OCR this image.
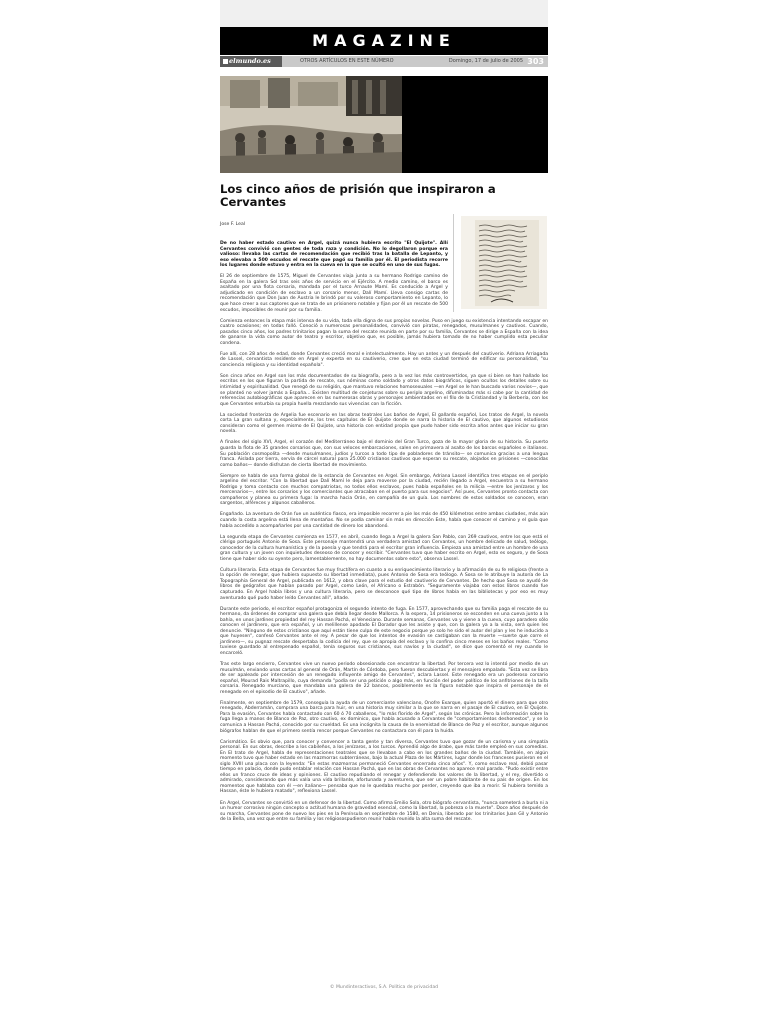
MAGAZINE
elmundo.es	OTROS ARTÍCULOS EN ESTE NÚMERO	Domingo, 17 de julio de 2005 303
Los cinco años de prisión que inspiraron a Cervantes
Jose F. Leal

De no haber estado cautivo en Argel, quizá nunca hubiera escrito "El Quijote". Allí Cervantes convivió con gentes de toda raza y condición. No lo degollaron porque era valioso: llevaba las cartas de recomendación que recibió tras la batalla de Lepanto, y eso elevaba a 500 escudos el rescate que pagó su familia por él. El periodista recorre los lugares donde estuvo y entra en la cueva en la que se ocultó en uno de sus fugas.

El 26 de septiembre de 1575, Miguel de Cervantes viaja junto a su hermano Rodrigo camino de España en la galera Sol tras seis años de servicio en el Ejército. A medio camino, el barco es asaltado por una flota corsaria, mandada por el turco Arnaute Mamí. Es conducido a Argel y adjudicado en condición de esclavo a un corsario menor, Dalí Mamí. Lleva consigo cartas de recomendación que Don Juan de Austria le brindó por su valeroso comportamiento en Lepanto, lo que hace creer a sus captores que se trata de un prisionero notable y fijan por él un rescate de 500 escudos, imposibles de reunir por su familia.

Comienza entonces la etapa más intensa de su vida, toda ella digna de sus propias novelas. Puso en juego su existencia intentando escapar en cuatro ocasiones; en todas falló. Conoció a numerosas personalidades, convivió con piratas, renegados, musulmanes y cautivos. Cuando, pasados cinco años, los padres trinitarios pagan la suma del rescate reunida en parte por su familia, Cervantes se dirige a España con la idea de ganarse la vida como autor de teatro y escritor, objetivo que, es posible, jamás hubiera tomado de no haber cumplido esta peculiar condena.

Fue allí, con 28 años de edad, donde Cervantes creció moral e intelectualmente. Hay un antes y un después del cautiverio. Adriana Arriagada de Lassel, cervantista residente en Argel y experta en su cautiverio, cree que en esta ciudad terminó de edificar su personalidad, "su conciencia religiosa y su identidad española".

Son cinco años en Argel son los más documentados de su biografía, pero a la vez los más controvertidos, ya que si bien se han hallado los escritos en los que figuran la partida de rescate, sus nóminas como soldado y otros datos biográficos, siguen ocultos los detalles sobre su intimidad y espiritualidad. Que renegó de su religión, que mantuvo relaciones homosexuales —en Argel se le han buscado varios novios—, que se planteó no volver jamás a España… Existen multitud de conjeturas sobre su periplo argelino, difuminadas más si cabe por la cantidad de referencias autobiográficas que aparecen en las numerosas obras y personajes ambientados en el filo de la Cristiandad y la Berbería, con los que Cervantes enturbia su propia huella mezclando sus vivencias con la ficción.

La sociedad fronteriza de Argelia fue escenario en las obras teatrales Los baños de Argel, El gallardo español, Los tratos de Argel, la novela corta La gran sultana y, especialmente, los tres capítulos de El Quijote donde se narra la historia de El cautivo, que algunos estudiosos consideran como el germen mismo de El Quijote, una historia con entidad propia que pudo haber sido escrita años antes que iniciar su gran novela.

A finales del siglo XVI, Argel, el corazón del Mediterráneo bajo el dominio del Gran Turco, goza de la mayor gloria de su historia. Su puerto guarda la flota de 35 grandes corsarios que, con sus veloces embarcaciones, salen en primavera al asalto de los barcos españoles e italianos. Su población cosmopolita —desde musulmanes, judíos y turcos a todo tipo de pobladores de tránsito— se comunica gracias a una lengua franca. Aislada por tierra, servía de cárcel natural para 25.000 cristianos cautivos que esperan su rescate, alojados en prisiones —conocidas como baños— donde disfrutan de cierta libertad de movimiento.

Siempre se habla de una forma global de la estancia de Cervantes en Argel. Sin embargo, Adriana Lassel identifica tres etapas en el periplo argelino del escritor. "Con la libertad que Dalí Mamí le deja para moverse por la ciudad, recién llegado a Argel, encuentra a su hermano Rodrigo y toma contacto con muchos compatriotas, no todos ellos esclavos, pues había españoles en la milicia —entre los jenízaros y los mercenarios—, entre los corsarios y los comerciantes que atracaban en el puerto para sus negocios". Así pues, Cervantes pronto contacta con compañeros y planea su primera fuga: la marcha hacia Orán, en compañía de un guía. Los nombres de estos soldados se conocen, eran sargentos, alféreces y algunos caballeros.

Engañado. La aventura de Orán fue un auténtico fiasco, era imposible recorrer a pie los más de 450 kilómetros entre ambas ciudades, más aún cuando la costa argelina está llena de montañas. No se podía caminar sin más en dirección Este, había que conocer el camino y el guía que había accedido a acompañarles por una cantidad de dinero los abandonó.

La segunda etapa de Cervantes comienza en 1577, en abril, cuando llega a Argel la galera San Pablo, con 269 cautivos, entre los que está el clérigo portugués Antonio de Sosa. Este personaje mantendrá una verdadera amistad con Cervantes, un hombre delicado de salud, teólogo, conocedor de la cultura humanística y de la poesía y que tendrá para el escritor gran influencia. Empieza una amistad entre un hombre de una gran cultura y un joven con inquietudes deseoso de conocer y escribir. "Cervantes tuvo que haber escrito en Argel, esto es seguro, y de Sosa tiene que haber sido su oyente pero, lamentablemente, no hay documentos sobre esto", observa Lassel.

Cultura literaria. Esta etapa de Cervantes fue muy fructífera en cuanto a su enriquecimiento literario y la afirmación de su fe religiosa (frente a la opción de renegar, que hubiera supuesto su libertad inmediata), pues Antonio de Sosa era teólogo. A Sosa se le atribuye la autoría de La Topographia General de Argel, publicada en 1612, y obra clave para el estudio del cautiverio de Cervantes. De hecho que Sosa se ayudó de libros de geógrafos que habían pasado por Argel, como León, el Africano o Estrabón. "Seguramente viajaba con estos libros cuando fue capturado. En Argel había libros y una cultura literaria, pero se desconoce qué tipo de libros había en las bibliotecas y por eso es muy aventurado qué pudo haber leído Cervantes allí", añade.

Durante este periodo, el escritor español protagoniza el segundo intento de fuga. En 1577, aprovechando que su familia paga el rescate de su hermano, da órdenes de comprar una galera que debía llegar desde Mallorca. A la espera, 14 prisioneros se esconden en una cueva junto a la bahía, en unos jardines propiedad del rey Hassan Pachá, el Veneciano. Durante semanas, Cervantes va y viene a la cueva, cuyo paradero sólo conocen el jardinero, que era español, y un melillense apodado El Dorador que les asiste y que, con la galera ya a la vista, será quien les denuncie. "Ninguno de estos cristianos que aquí están tiene culpa de este negocio porque yo solo he sido el autor del plan y les he inducido a que huyesen", confesó Cervantes ante el rey. A pesar de que los intentos de evasión se castigaban con la muerte —suerte que corre el jardinero—, su pugnaz rescate despertaba la codicia del rey, que se apropia del esclavo y lo confina cinco meses en los baños reales. "Como tuviese guardado al entrepenado español, tenía seguros sus cristianos, sus navíos y la ciudad", se dice que comentó el rey cuando le encarceló.

Tras este largo encierro, Cervantes vive un nuevo periodo obsesionado con encontrar la libertad. Por tercera vez lo intentó por medio de un musulmán, enviando unas cartas al general de Orán, Martín de Córdoba, pero fueron descubiertas y el mensajero empalado. "Esta vez se libra de ser apaleado por intercesión de un renegado influyente amigo de Cervantes", aclara Lassel. Este renegado era un poderoso corsario español, Mourad Rais Maltrapillo, cuya demanda "podía ser una petición o algo más, en función del poder político de los anfitriones de la taifa corsaria. Renegado murciano, que mandaba una galera de 22 bancos, posiblemente es la figura notable que inspira el personaje de el renegado en el episodio de El cautivo", añade.

Finalmente, en septiembre de 1579, conseguía la ayuda de un comerciante valenciano, Onofre Exarque, quien aportó el dinero para que otro renegado, Abderramán, comprara una barca para huir, en una historia muy similar a la que se narra en el pasaje de El cautivo, en El Quijote. Para la evasión, Cervantes había contactado con 60 ó 70 caballeros, "lo más florido de Argel", según las crónicas. Pero la información sobre la fuga llega a manos de Blanco de Paz, otro cautivo, ex dominico, que había acusado a Cervantes de "comportamientos deshonestos", y se lo comunica a Hassan Pachá, conocido por su crueldad. Es una incógnita la causa de la enemistad de Blanco de Paz y el escritor, aunque algunos biógrafos hablan de que el primero sentía rencor porque Cervantes no contactara con él para la huida.

Carismático. Es obvio que, para conocer y convencer a tanta gente y tan diversa, Cervantes tuvo que gozar de un carisma y una simpatía personal. En sus obras, describe a los cabileños, a los jenízaros, a los turcos. Aprendió algo de árabe, que más tarde empleó en sus comedias. En El trato de Argel, habla de representaciones teatrales que se llevaban a cabo en los grandes baños de la ciudad. También, en algún momento tuvo que haber estado en las mazmorras subterráneas, bajo la actual Plaza de los Mártires, lugar donde los franceses pusieron en el siglo XVIII una placa con la leyenda: "En estas mazmorras permaneció Cervantes encerrado cinco años". Y, como esclavo real, debió pasar tiempo en palacio, donde pudo entablar relación con Hassan Pachá, que en las obras de Cervantes no aparece mal parado. "Pudo existir entre ellos un franco cruce de ideas y opiniones. El cautivo repudiando el renegar y defendiendo los valores de la libertad, y el rey, divertido o admirado, considerando que más valía una vida brillante, afortunada y aventurera, que ser un pobre habitante de su país de origen. En los momentos que hablaba con él —en italiano— pensaba que no le quedaba mucho por perder, creyendo que iba a morir. Si hubiera temido a Hassan, éste le hubiera matado", reflexiona Lassel.

En Argel, Cervantes se convirtió en un defensor de la libertad. Como afirma Emilio Sola, otro biógrafo cervantista, "nunca someterá a burla ni a un humor corrosivo ningún concepto o actitud humana de gravedad esencial, como la libertad, la pobreza o la muerte". Doce años después de su marcha, Cervantes pone de nuevo los pies en la Península en septiembre de 1580, en Denia, liberado por los trinitarios Juan Gil y Antonio de la Bella, una vez que entre su familia y los religiosospudieron reunir había reunido la alta suma del rescate.

© Mundinteractivos, S.A. Política de privacidad
